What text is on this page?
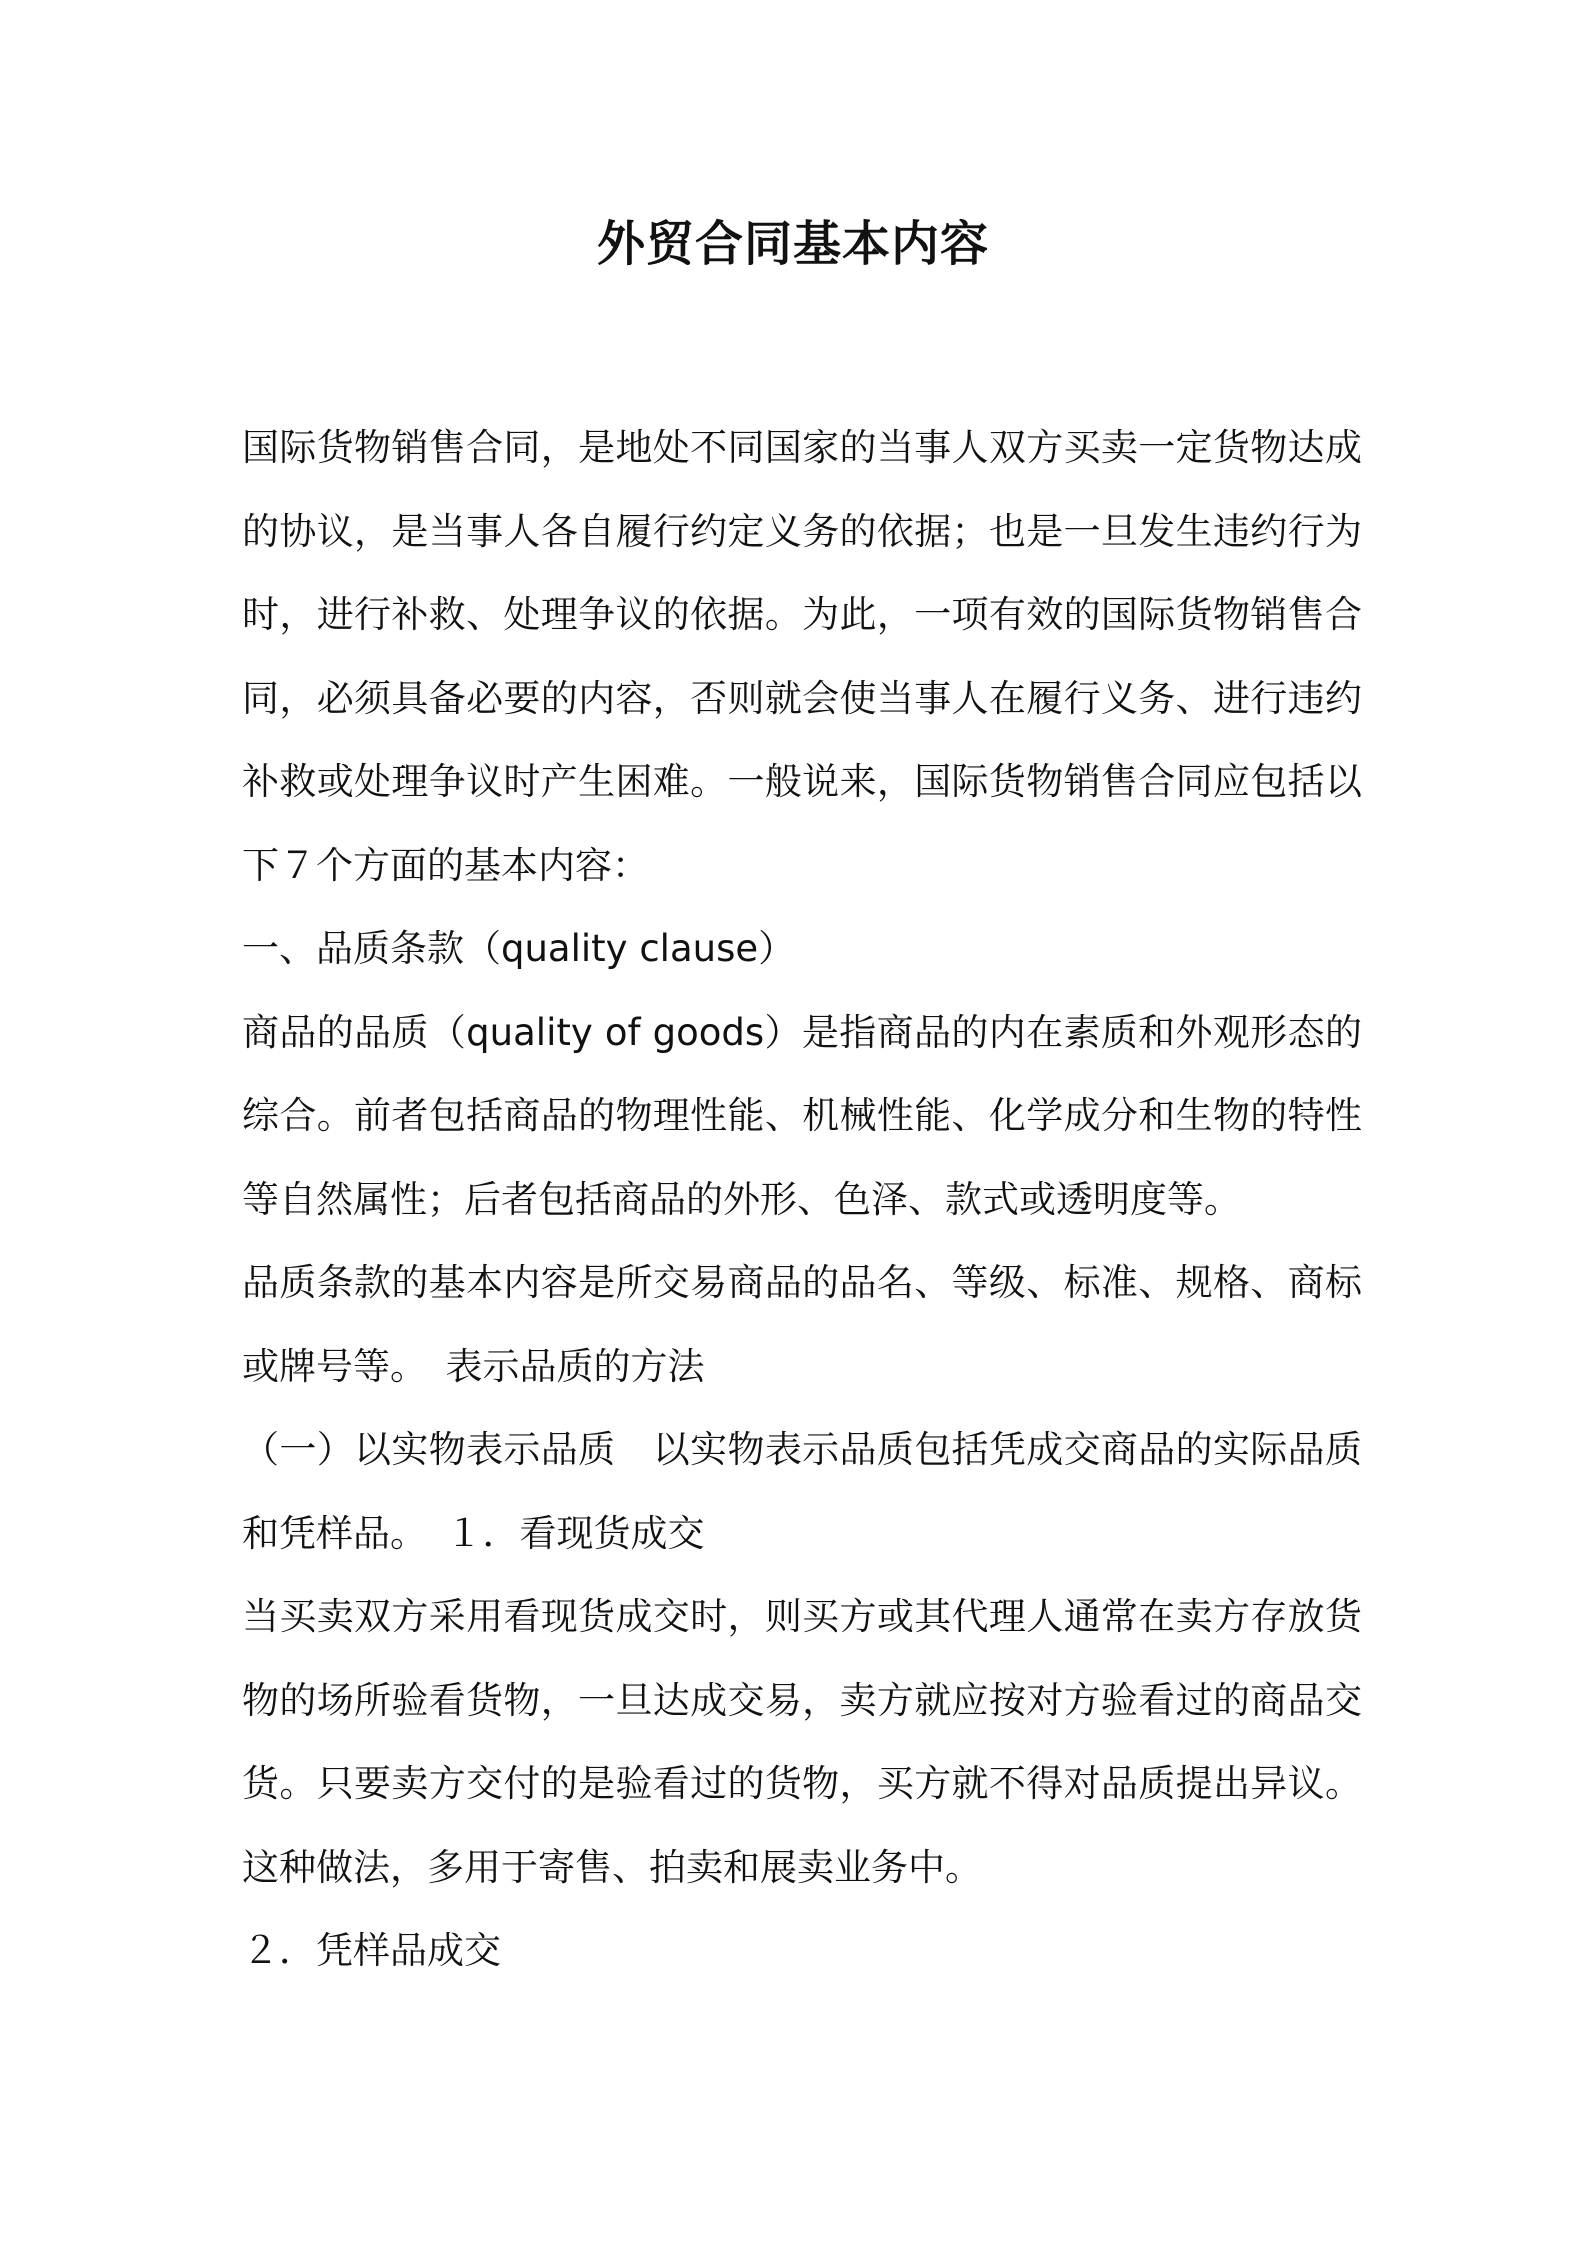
外贸合同基本内容

国际货物销售合同，是地处不同国家的当事人双方买卖一定货物达成的协议，是当事人各自履行约定义务的依据；也是一旦发生违约行为时，进行补救、处理争议的依据。为此，一项有效的国际货物销售合同，必须具备必要的内容，否则就会使当事人在履行义务、进行违约补救或处理争议时产生困难。一般说来，国际货物销售合同应包括以下７个方面的基本内容：

一、品质条款（quality clause）

商品的品质（quality of goods）是指商品的内在素质和外观形态的综合。前者包括商品的物理性能、机械性能、化学成分和生物的特性等自然属性；后者包括商品的外形、色泽、款式或透明度等。

品质条款的基本内容是所交易商品的品名、等级、标准、规格、商标或牌号等。　表示品质的方法

（一）以实物表示品质　以实物表示品质包括凭成交商品的实际品质和凭样品。　１．看现货成交

当买卖双方采用看现货成交时，则买方或其代理人通常在卖方存放货物的场所验看货物，一旦达成交易，卖方就应按对方验看过的商品交货。只要卖方交付的是验看过的货物，买方就不得对品质提出异议。这种做法，多用于寄售、拍卖和展卖业务中。

２．凭样品成交
